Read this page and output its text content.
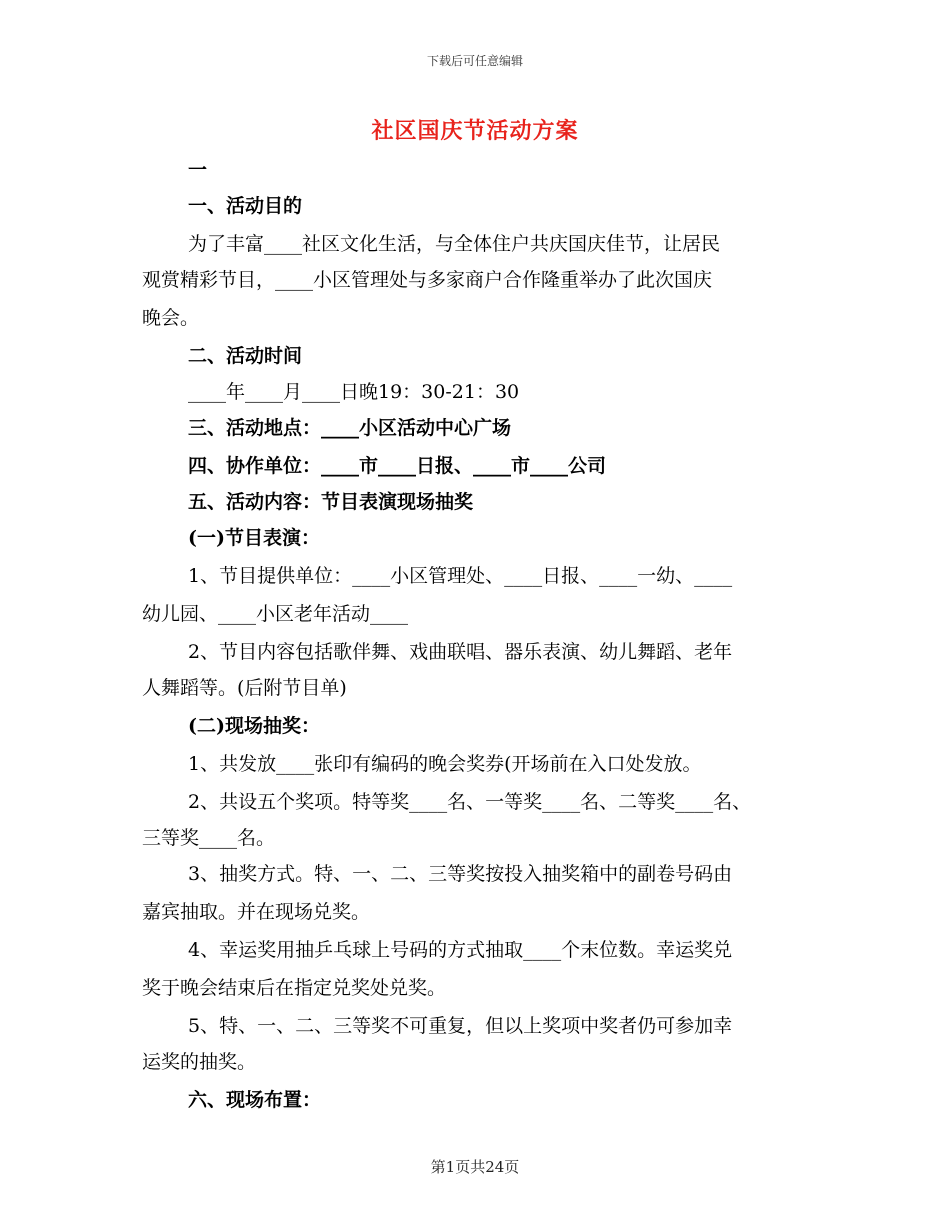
下载后可任意编辑
社区国庆节活动方案
一
一、活动目的
为了丰富____社区文化生活，与全体住户共庆国庆佳节，让居民
观赏精彩节目，____小区管理处与多家商户合作隆重举办了此次国庆
晚会。
二、活动时间
____年____月____日晚19：30-21：30
三、活动地点：____小区活动中心广场
四、协作单位：____市____日报、____市____公司
五、活动内容：节目表演现场抽奖
(一)节目表演：
1、节目提供单位：____小区管理处、____日报、____一幼、____
幼儿园、____小区老年活动____
2、节目内容包括歌伴舞、戏曲联唱、器乐表演、幼儿舞蹈、老年
人舞蹈等。(后附节目单)
(二)现场抽奖：
1、共发放____张印有编码的晚会奖券(开场前在入口处发放。
2、共设五个奖项。特等奖____名、一等奖____名、二等奖____名、
三等奖____名。
3、抽奖方式。特、一、二、三等奖按投入抽奖箱中的副卷号码由
嘉宾抽取。并在现场兑奖。
4、幸运奖用抽乒乓球上号码的方式抽取____个末位数。幸运奖兑
奖于晚会结束后在指定兑奖处兑奖。
5、特、一、二、三等奖不可重复，但以上奖项中奖者仍可参加幸
运奖的抽奖。
六、现场布置：
第1页共24页
